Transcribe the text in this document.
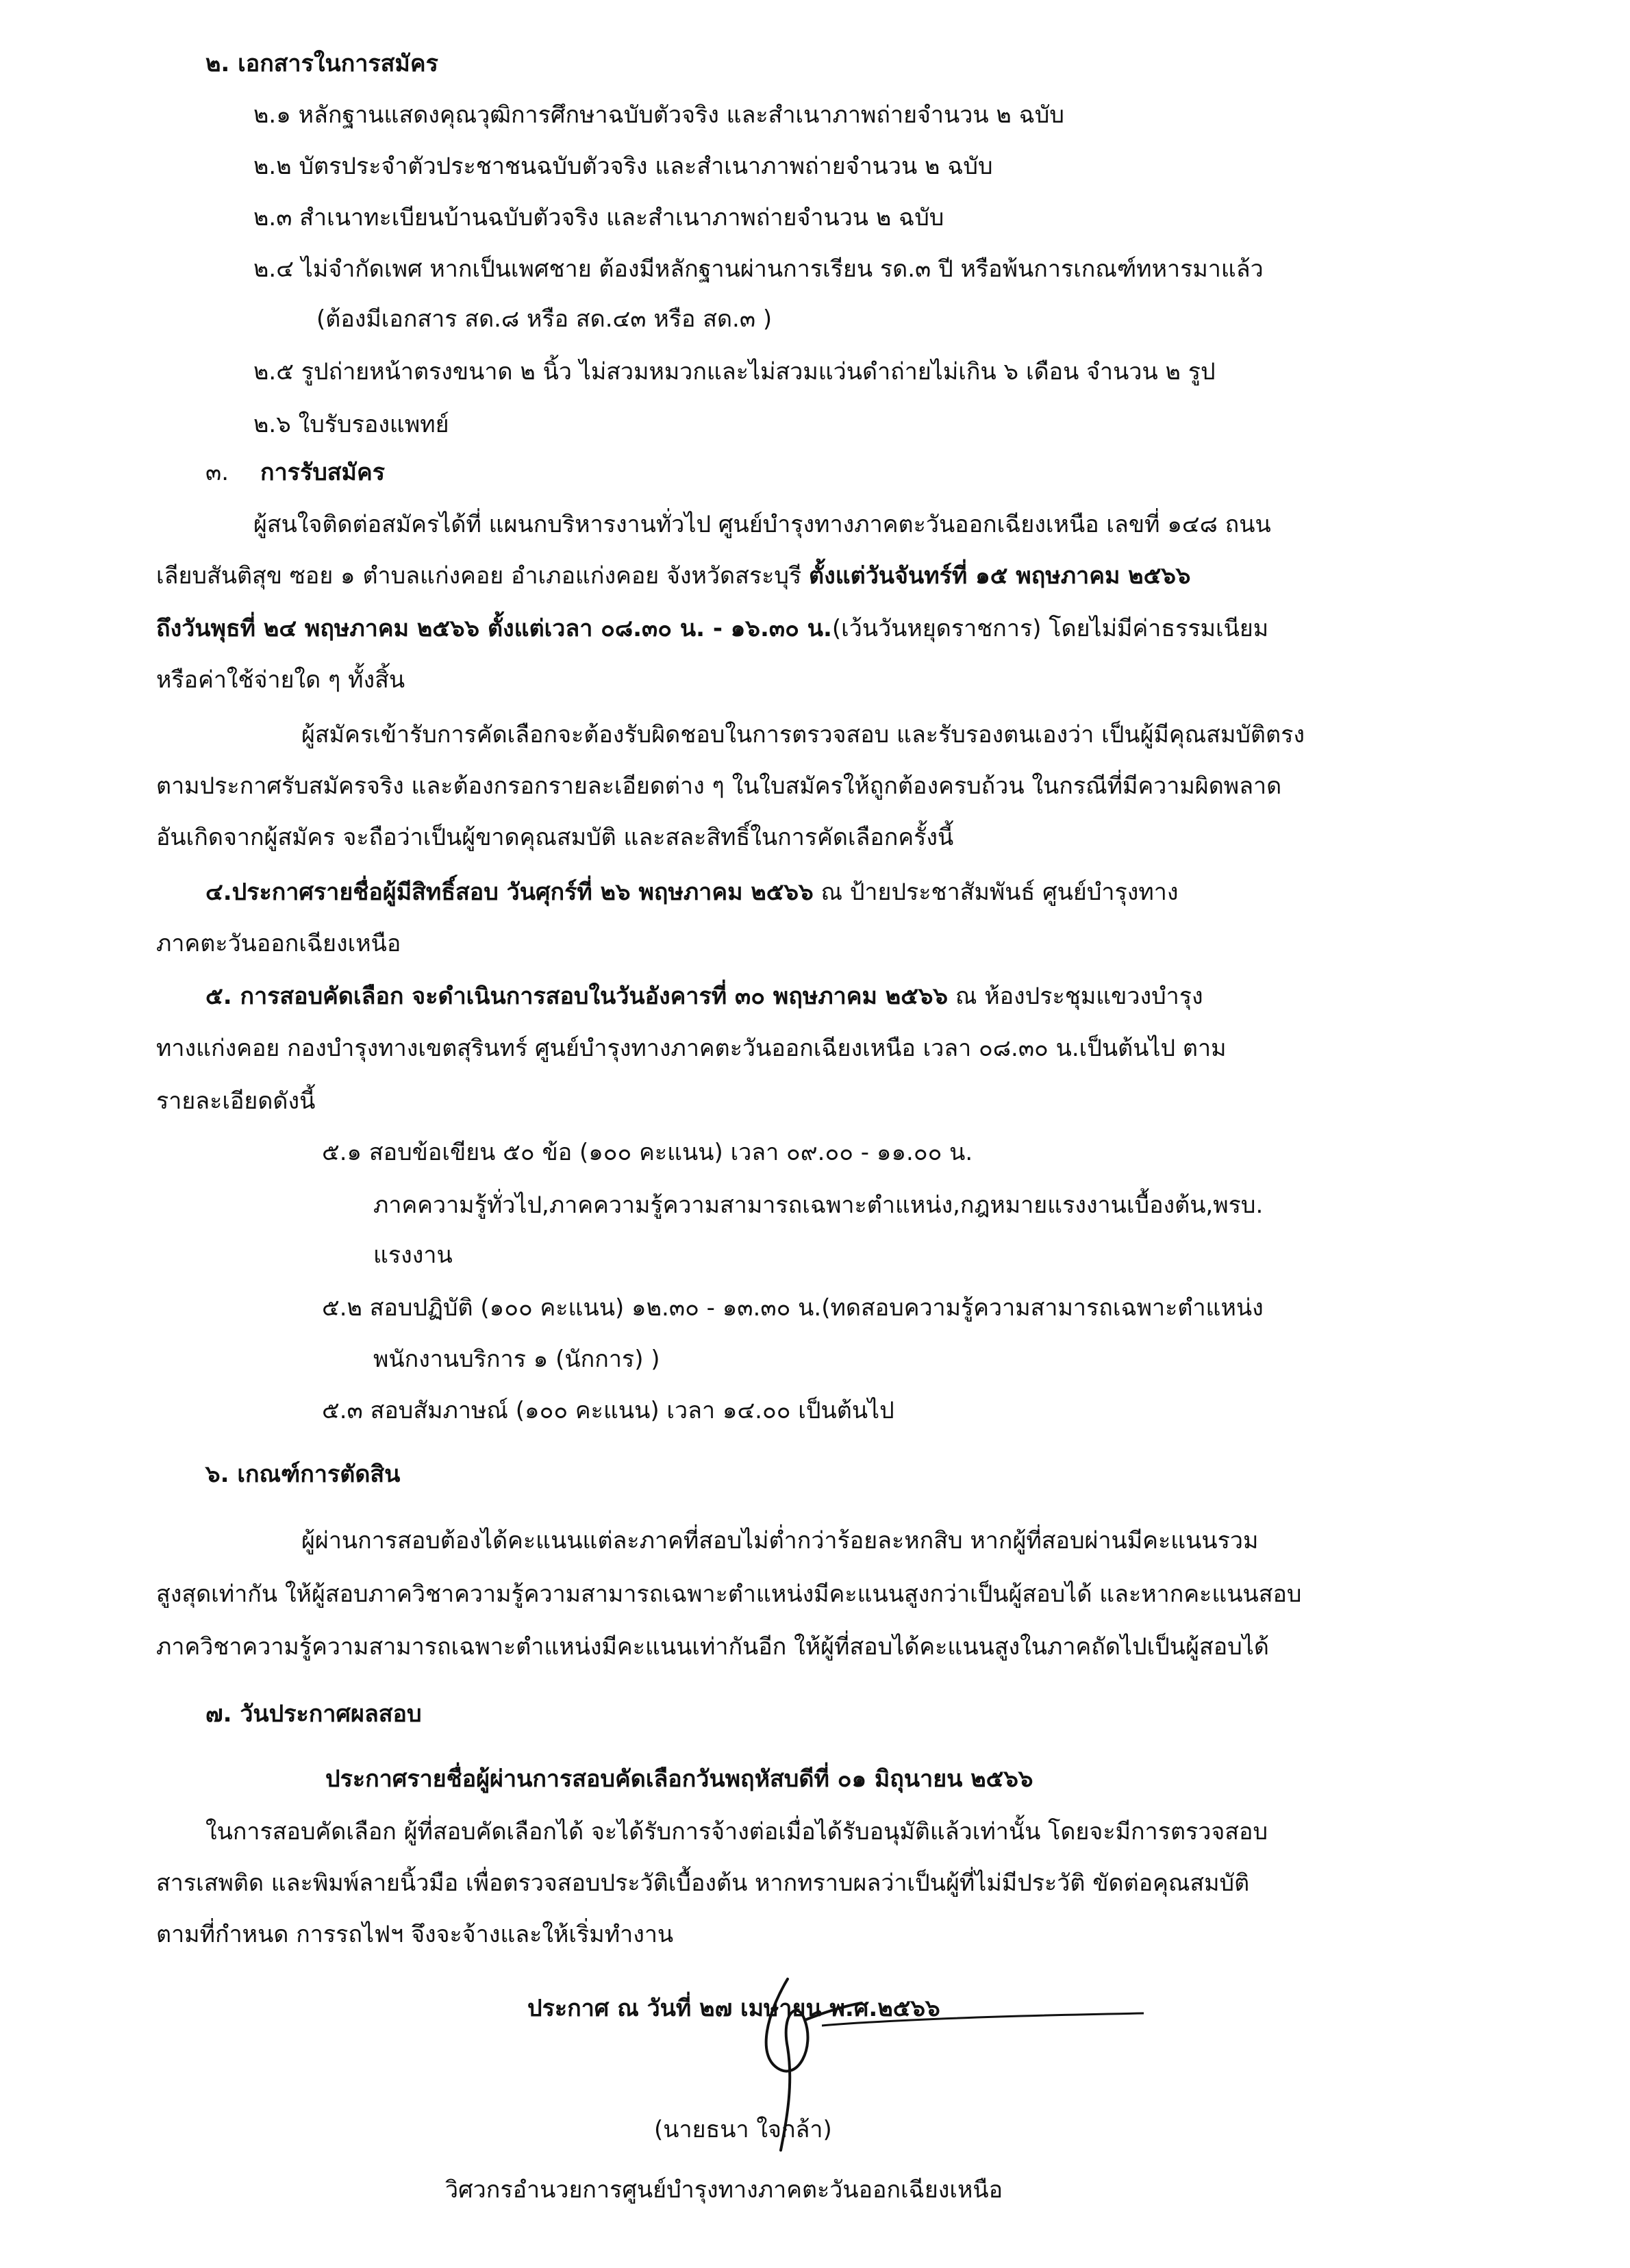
๒. เอกสารในการสมัคร
๒.๑ หลักฐานแสดงคุณวุฒิการศึกษาฉบับตัวจริง และสำเนาภาพถ่ายจำนวน ๒ ฉบับ
๒.๒ บัตรประจำตัวประชาชนฉบับตัวจริง และสำเนาภาพถ่ายจำนวน ๒ ฉบับ
๒.๓ สำเนาทะเบียนบ้านฉบับตัวจริง และสำเนาภาพถ่ายจำนวน ๒ ฉบับ
๒.๔ ไม่จำกัดเพศ หากเป็นเพศชาย ต้องมีหลักฐานผ่านการเรียน รด.๓ ปี หรือพ้นการเกณฑ์ทหารมาแล้ว
(ต้องมีเอกสาร สด.๘ หรือ สด.๔๓ หรือ สด.๓ )
๒.๕ รูปถ่ายหน้าตรงขนาด ๒ นิ้ว ไม่สวมหมวกและไม่สวมแว่นดำถ่ายไม่เกิน ๖ เดือน จำนวน ๒ รูป
๒.๖ ใบรับรองแพทย์
๓. การรับสมัคร
ผู้สนใจติดต่อสมัครได้ที่ แผนกบริหารงานทั่วไป ศูนย์บำรุงทางภาคตะวันออกเฉียงเหนือ เลขที่ ๑๔๘ ถนน
เลียบสันติสุข ซอย ๑ ตำบลแก่งคอย อำเภอแก่งคอย จังหวัดสระบุรี ตั้งแต่วันจันทร์ที่ ๑๕ พฤษภาคม ๒๕๖๖
ถึงวันพุธที่ ๒๔ พฤษภาคม ๒๕๖๖ ตั้งแต่เวลา ๐๘.๓๐ น. - ๑๖.๓๐ น.(เว้นวันหยุดราชการ) โดยไม่มีค่าธรรมเนียม
หรือค่าใช้จ่ายใด ๆ ทั้งสิ้น
ผู้สมัครเข้ารับการคัดเลือกจะต้องรับผิดชอบในการตรวจสอบ และรับรองตนเองว่า เป็นผู้มีคุณสมบัติตรง
ตามประกาศรับสมัครจริง และต้องกรอกรายละเอียดต่าง ๆ ในใบสมัครให้ถูกต้องครบถ้วน ในกรณีที่มีความผิดพลาด
อันเกิดจากผู้สมัคร จะถือว่าเป็นผู้ขาดคุณสมบัติ และสละสิทธิ์ในการคัดเลือกครั้งนี้
๔.ประกาศรายชื่อผู้มีสิทธิ์สอบ วันศุกร์ที่ ๒๖ พฤษภาคม ๒๕๖๖ ณ ป้ายประชาสัมพันธ์ ศูนย์บำรุงทาง
ภาคตะวันออกเฉียงเหนือ
๕. การสอบคัดเลือก จะดำเนินการสอบในวันอังคารที่ ๓๐ พฤษภาคม ๒๕๖๖ ณ ห้องประชุมแขวงบำรุง
ทางแก่งคอย กองบำรุงทางเขตสุรินทร์ ศูนย์บำรุงทางภาคตะวันออกเฉียงเหนือ เวลา ๐๘.๓๐ น.เป็นต้นไป ตาม
รายละเอียดดังนี้
๕.๑ สอบข้อเขียน ๕๐ ข้อ (๑๐๐ คะแนน) เวลา ๐๙.๐๐ - ๑๑.๐๐ น.
ภาคความรู้ทั่วไป,ภาคความรู้ความสามารถเฉพาะตำแหน่ง,กฎหมายแรงงานเบื้องต้น,พรบ.
แรงงาน
๕.๒ สอบปฏิบัติ (๑๐๐ คะแนน) ๑๒.๓๐ - ๑๓.๓๐ น.(ทดสอบความรู้ความสามารถเฉพาะตำแหน่ง
พนักงานบริการ ๑ (นักการ) )
๕.๓ สอบสัมภาษณ์ (๑๐๐ คะแนน) เวลา ๑๔.๐๐ เป็นต้นไป
๖. เกณฑ์การตัดสิน
ผู้ผ่านการสอบต้องได้คะแนนแต่ละภาคที่สอบไม่ต่ำกว่าร้อยละหกสิบ หากผู้ที่สอบผ่านมีคะแนนรวม
สูงสุดเท่ากัน ให้ผู้สอบภาควิชาความรู้ความสามารถเฉพาะตำแหน่งมีคะแนนสูงกว่าเป็นผู้สอบได้ และหากคะแนนสอบ
ภาควิชาความรู้ความสามารถเฉพาะตำแหน่งมีคะแนนเท่ากันอีก ให้ผู้ที่สอบได้คะแนนสูงในภาคถัดไปเป็นผู้สอบได้
๗. วันประกาศผลสอบ
ประกาศรายชื่อผู้ผ่านการสอบคัดเลือกวันพฤหัสบดีที่ ๐๑ มิถุนายน ๒๕๖๖
ในการสอบคัดเลือก ผู้ที่สอบคัดเลือกได้ จะได้รับการจ้างต่อเมื่อได้รับอนุมัติแล้วเท่านั้น โดยจะมีการตรวจสอบ
สารเสพติด และพิมพ์ลายนิ้วมือ เพื่อตรวจสอบประวัติเบื้องต้น หากทราบผลว่าเป็นผู้ที่ไม่มีประวัติ ขัดต่อคุณสมบัติ
ตามที่กำหนด การรถไฟฯ จึงจะจ้างและให้เริ่มทำงาน
ประกาศ ณ วันที่ ๒๗ เมษายน พ.ศ.๒๕๖๖
(นายธนา ใจกล้า)
วิศวกรอำนวยการศูนย์บำรุงทางภาคตะวันออกเฉียงเหนือ
